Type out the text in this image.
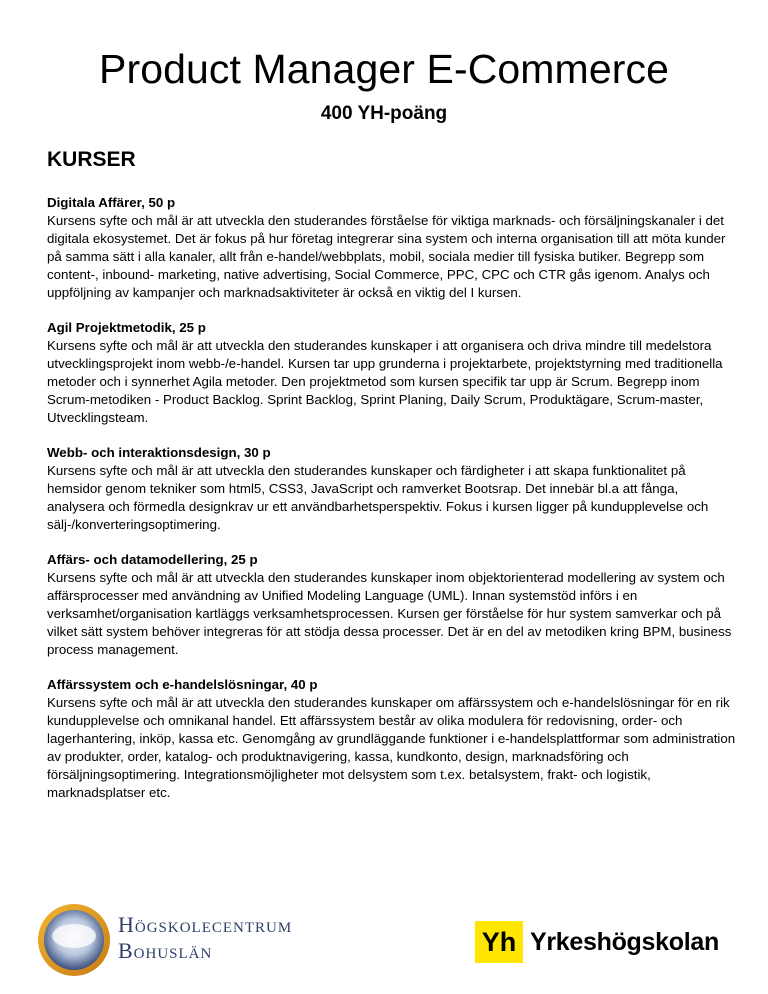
Product Manager E-Commerce
400 YH-poäng
KURSER
Digitala Affärer, 50 p
Kursens syfte och mål är att utveckla den studerandes förståelse för viktiga marknads- och försäljningskanaler i det digitala ekosystemet. Det är fokus på hur företag integrerar sina system och interna organisation till att möta kunder på samma sätt i alla kanaler, allt från e-handel/webbplats, mobil, sociala medier till fysiska butiker. Begrepp som content-, inbound- marketing, native advertising, Social Commerce, PPC, CPC och CTR gås igenom. Analys och uppföljning av kampanjer och marknadsaktiviteter är också en viktig del I kursen.
Agil Projektmetodik, 25 p
Kursens syfte och mål är att utveckla den studerandes kunskaper i att organisera och driva mindre till medelstora utvecklingsprojekt inom webb-/e-handel. Kursen tar upp grunderna i projektarbete, projektstyrning med traditionella metoder och i synnerhet Agila metoder. Den projektmetod som kursen specifik tar upp är Scrum. Begrepp inom Scrum-metodiken - Product Backlog. Sprint Backlog, Sprint Planing, Daily Scrum, Produktägare, Scrum-master, Utvecklingsteam.
Webb- och interaktionsdesign, 30 p
Kursens syfte och mål är att utveckla den studerandes kunskaper och färdigheter i att skapa funktionalitet på hemsidor genom tekniker som html5, CSS3, JavaScript och ramverket Bootsrap. Det innebär bl.a att fånga, analysera och förmedla designkrav ur ett användbarhetsperspektiv. Fokus i kursen ligger på kundupplevelse och sälj-/konverteringsoptimering.
Affärs- och datamodellering, 25 p
Kursens syfte och mål är att utveckla den studerandes kunskaper inom objektorienterad modellering av system och affärsprocesser med användning av Unified Modeling Language (UML). Innan systemstöd införs i en verksamhet/organisation kartläggs verksamhetsprocessen. Kursen ger förståelse för hur system samverkar och på vilket sätt system behöver integreras för att stödja dessa processer. Det är en del av metodiken kring BPM, business process management.
Affärssystem och e-handelslösningar, 40 p
Kursens syfte och mål är att utveckla den studerandes kunskaper om affärssystem och e-handelslösningar för en rik kundupplevelse och omnikanal handel. Ett affärssystem består av olika modulera för redovisning, order- och lagerhantering, inköp, kassa etc. Genomgång av grundläggande funktioner i e-handelsplattformar som administration av produkter, order, katalog- och produktnavigering, kassa, kundkonto, design, marknadsföring och försäljningsoptimering. Integrationsmöjligheter mot delsystem som t.ex. betalsystem, frakt- och logistik, marknadsplatser etc.
Högskolecentrum
Bohuslän	Yh Yrkeshögskolan
